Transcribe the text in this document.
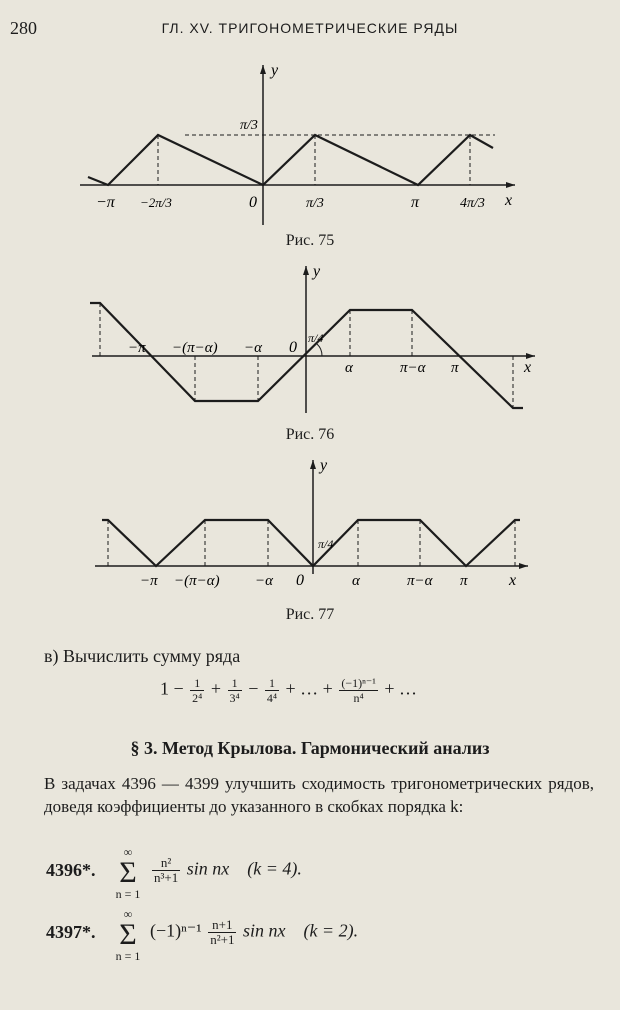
280	ГЛ. XV. ТРИГОНОМЕТРИЧЕСКИЕ РЯДЫ
y
x
0
−π −2π/3	π/3	π	4π/3
π/3
Рис. 75
y
x
0
−π −(π−α) −α
α	π−α π
π/4
Рис. 76
y
x
0
−π −(π−α) −α	α	π−α π
π/4
Рис. 77
в) Вычислить сумму ряда
$1 - \frac{1}{\text{2⁴}} + \frac{1}{\text{3⁴}} - \frac{1}{\text{4⁴}}$ + … + $\frac{\text{(−1)ⁿ⁻¹}}{\text{n⁴}}$ + …
§ 3. Метод Крылова. Гармонический анализ
В задачах 4396 — 4399 улучшить сходимость тригонометрических рядов, доведя коэффициенты до указанного в скобках порядка k:
4396*.
∞
Σ
n = 1
$\frac{\text{n²}}{\text{n³+1}}$ sin nx (k = 4).
4397*.
∞
Σ
n = 1
$(-1)^{n-1} \frac{n+1}{\text{n²+1}}$ sin nx (k = 2).
